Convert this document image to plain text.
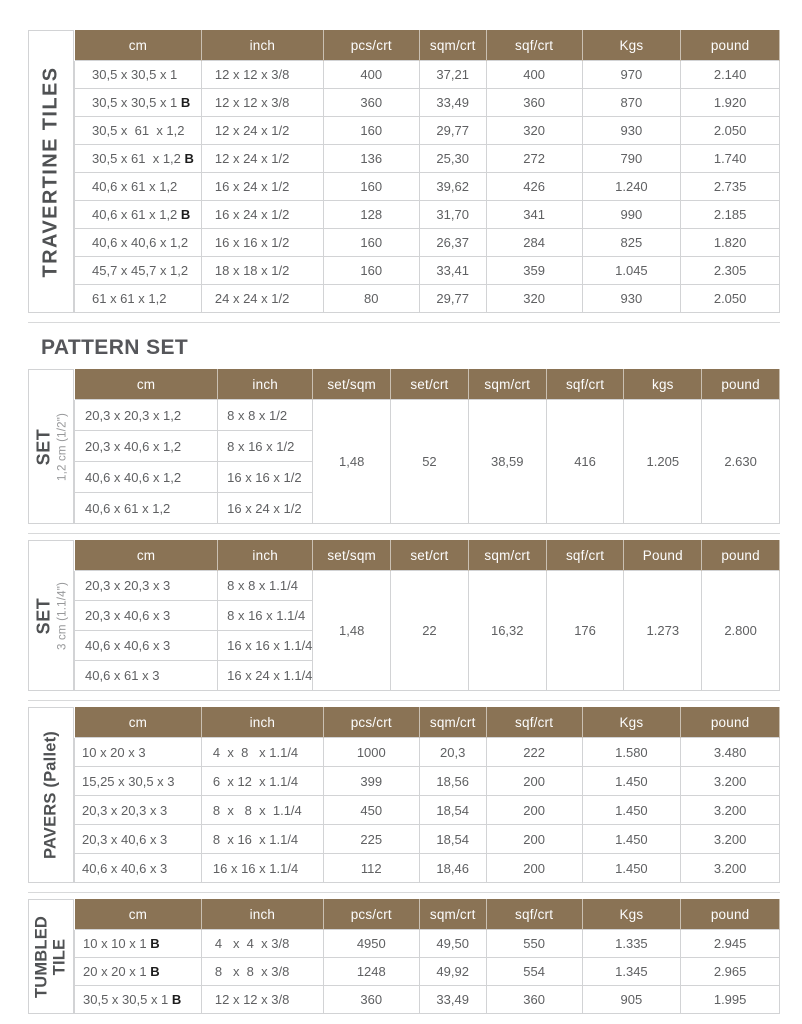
TRAVERTINE TILES
cm	inch	pcs/crt	sqm/crt	sqf/crt	Kgs	pound
30,5 x 30,5 x 1	12 x 12 x 3/8	400	37,21	400	970	2.140
30,5 x 30,5 x 1 B	12 x 12 x 3/8	360	33,49	360	870	1.920
30,5 x  61  x 1,2	12 x 24 x 1/2	160	29,77	320	930	2.050
30,5 x 61  x 1,2 B	12 x 24 x 1/2	136	25,30	272	790	1.740
40,6 x 61 x 1,2	16 x 24 x 1/2	160	39,62	426	1.240	2.735
40,6 x 61 x 1,2 B	16 x 24 x 1/2	128	31,70	341	990	2.185
40,6 x 40,6 x 1,2	16 x 16 x 1/2	160	26,37	284	825	1.820
45,7 x 45,7 x 1,2	18 x 18 x 1/2	160	33,41	359	1.045	2.305
61 x 61 x 1,2	24 x 24 x 1/2	80	29,77	320	930	2.050
PATTERN SET
SET 1,2 cm (1/2")
cm	inch	set/sqm	set/crt	sqm/crt	sqf/crt	kgs	pound
20,3 x 20,3 x 1,2	8 x 8 x 1/2	1,48	52	38,59	416	1.205	2.630
20,3 x 40,6 x 1,2	8 x 16 x 1/2						
40,6 x 40,6 x 1,2	16 x 16 x 1/2						
40,6 x 61 x 1,2	16 x 24 x 1/2						
SET 3 cm (1.1/4")
cm	inch	set/sqm	set/crt	sqm/crt	sqf/crt	Pound	pound
20,3 x 20,3 x 3	8 x 8 x 1.1/4	1,48	22	16,32	176	1.273	2.800
20,3 x 40,6 x 3	8 x 16 x 1.1/4						
40,6 x 40,6 x 3	16 x 16 x 1.1/4						
40,6 x 61 x 3	16 x 24 x 1.1/4						
PAVERS (Pallet)
cm	inch	pcs/crt	sqm/crt	sqf/crt	Kgs	pound
10 x 20 x 3	4  x  8   x 1.1/4	1000	20,3	222	1.580	3.480
15,25 x 30,5 x 3	6  x 12  x 1.1/4	399	18,56	200	1.450	3.200
20,3 x 20,3 x 3	8  x   8  x  1.1/4	450	18,54	200	1.450	3.200
20,3 x 40,6 x 3	8  x 16  x 1.1/4	225	18,54	200	1.450	3.200
40,6 x 40,6 x 3	16 x 16 x 1.1/4	112	18,46	200	1.450	3.200
TUMBLED TILE
cm	inch	pcs/crt	sqm/crt	sqf/crt	Kgs	pound
10 x 10 x 1 B	4   x  4  x 3/8	4950	49,50	550	1.335	2.945
20 x 20 x 1 B	8   x  8  x 3/8	1248	49,92	554	1.345	2.965
30,5 x 30,5 x 1 B	12 x 12 x 3/8	360	33,49	360	905	1.995
